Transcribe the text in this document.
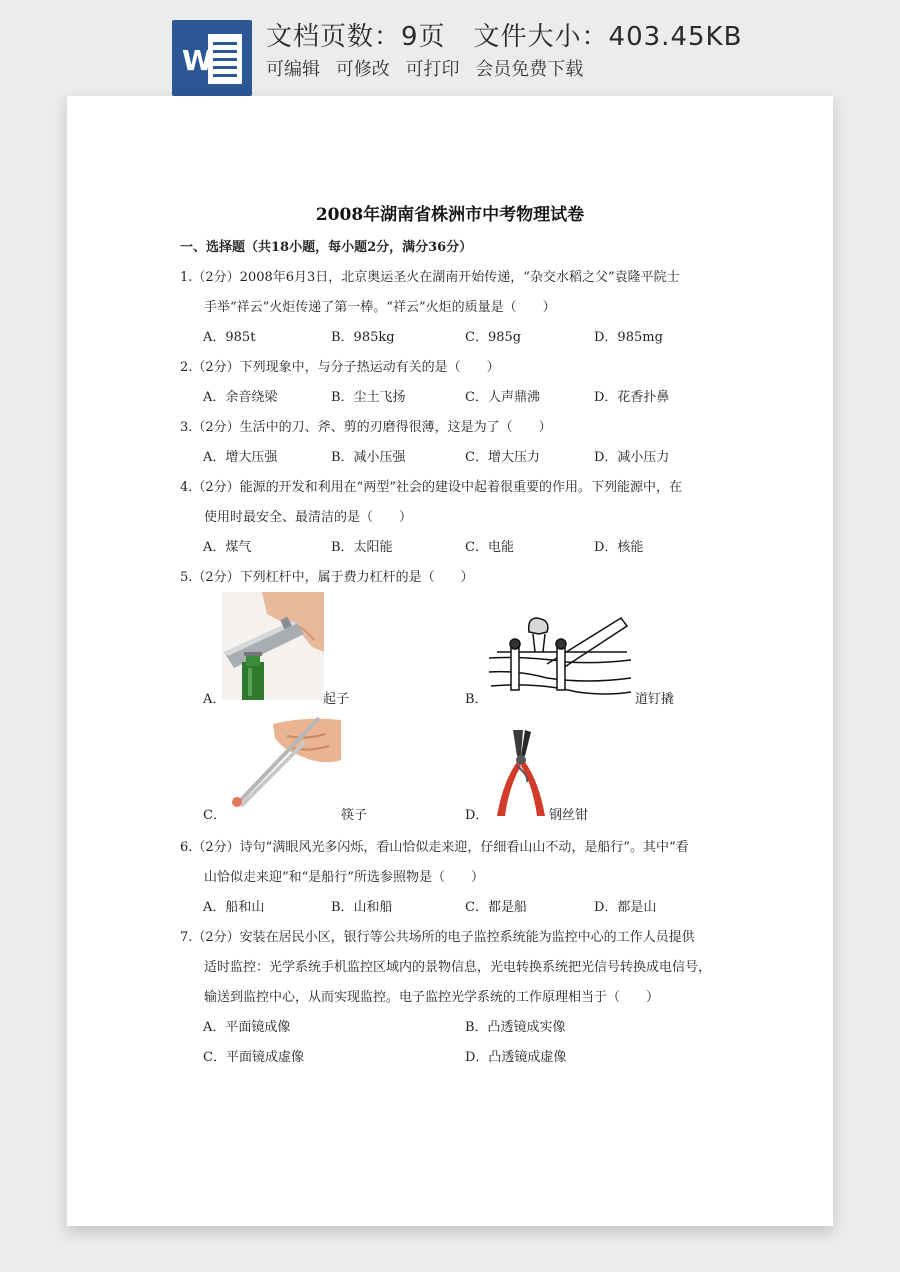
W
文档页数：9页 文件大小：403.45KB
可编辑 可修改 可打印 会员免费下载
2008年湖南省株洲市中考物理试卷
一、选择题（共18小题，每小题2分，满分36分）
1.（2分）2008年6月3日，北京奥运圣火在湖南开始传递，“杂交水稻之父”袁隆平院士
手举“祥云”火炬传递了第一棒。“祥云”火炬的质量是（　　）
A．985t	B．985kg	C．985g	D．985mg
2.（2分）下列现象中，与分子热运动有关的是（　　）
A．余音绕梁	B．尘土飞扬	C．人声鼎沸	D．花香扑鼻
3.（2分）生活中的刀、斧、剪的刃磨得很薄，这是为了（　　）
A．增大压强	B．减小压强	C．增大压力	D．减小压力
4.（2分）能源的开发和利用在“两型”社会的建设中起着很重要的作用。下列能源中，在
使用时最安全、最清洁的是（　　）
A．煤气	B．太阳能	C．电能	D．核能
5.（2分）下列杠杆中，属于费力杠杆的是（　　）
A．	起子	B．	道钉撬
C．	筷子	D．	钢丝钳
6.（2分）诗句“满眼风光多闪烁，看山恰似走来迎，仔细看山山不动，是船行”。其中“看
山恰似走来迎”和“是船行”所选参照物是（　　）
A．船和山	B．山和船	C．都是船	D．都是山
7.（2分）安装在居民小区，银行等公共场所的电子监控系统能为监控中心的工作人员提供
适时监控：光学系统手机监控区域内的景物信息，光电转换系统把光信号转换成电信号，
输送到监控中心，从而实现监控。电子监控光学系统的工作原理相当于（　　）
A．平面镜成像	B．凸透镜成实像
C．平面镜成虚像	D．凸透镜成虚像
